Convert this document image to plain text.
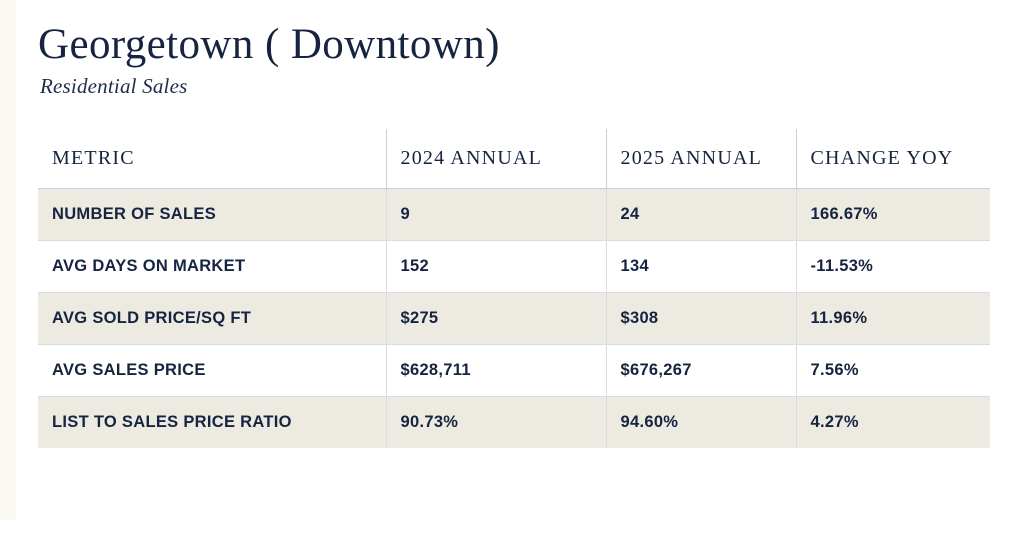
Georgetown ( Downtown)
Residential Sales
METRIC	2024 ANNUAL	2025 ANNUAL	CHANGE YOY
NUMBER OF SALES	9	24	166.67%
AVG DAYS ON MARKET	152	134	-11.53%
AVG SOLD PRICE/SQ FT	$275	$308	11.96%
AVG SALES PRICE	$628,711	$676,267	7.56%
LIST TO SALES PRICE RATIO	90.73%	94.60%	4.27%
